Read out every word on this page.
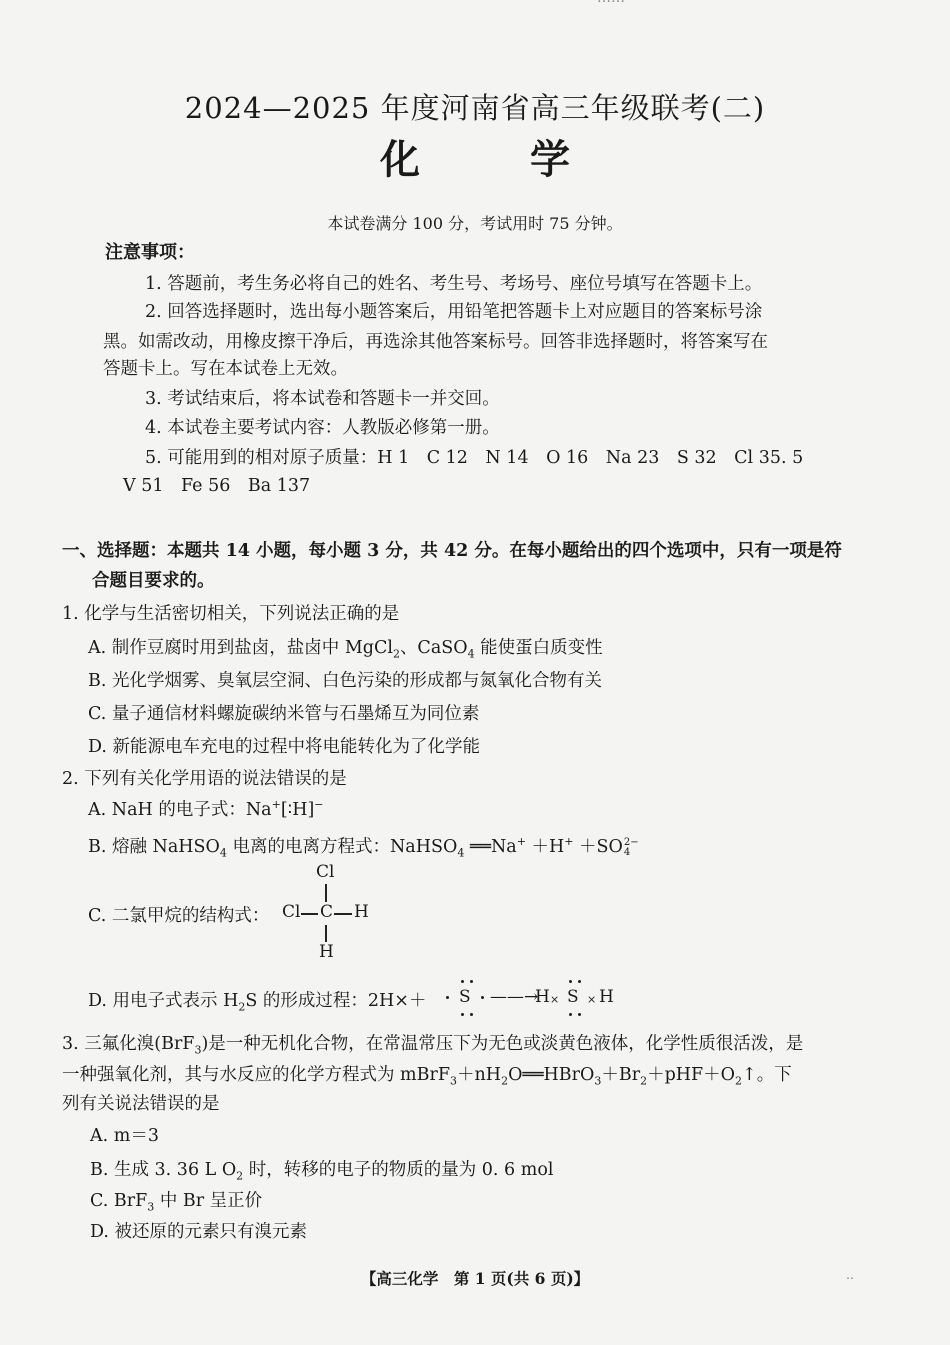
2024—2025 年度河南省高三年级联考(二)
化学
本试卷满分 100 分，考试用时 75 分钟。
注意事项：
1. 答题前，考生务必将自己的姓名、考生号、考场号、座位号填写在答题卡上。
2. 回答选择题时，选出每小题答案后，用铅笔把答题卡上对应题目的答案标号涂
黑。如需改动，用橡皮擦干净后，再选涂其他答案标号。回答非选择题时，将答案写在
答题卡上。写在本试卷上无效。
3. 考试结束后，将本试卷和答题卡一并交回。
4. 本试卷主要考试内容：人教版必修第一册。
5. 可能用到的相对原子质量：H 1　C 12　N 14　O 16　Na 23　S 32　Cl 35. 5
V 51　Fe 56　Ba 137
一、选择题：本题共 14 小题，每小题 3 分，共 42 分。在每小题给出的四个选项中，只有一项是符
合题目要求的。
1. 化学与生活密切相关，下列说法正确的是
A. 制作豆腐时用到盐卤，盐卤中 MgCl$_2$、CaSO$_4$ 能使蛋白质变性
B. 光化学烟雾、臭氧层空洞、白色污染的形成都与氮氧化合物有关
C. 量子通信材料螺旋碳纳米管与石墨烯互为同位素
D. 新能源电车充电的过程中将电能转化为了化学能
2. 下列有关化学用语的说法错误的是
A. NaH 的电子式：Na+[∶H]−
B. 熔融 NaHSO$_4$ 电离的电离方程式：NaHSO$_4$ ══Na+ ＋H+ ＋SO 2−
4
C. 二氯甲烷的结构式：
Cl
Cl C H
H
D. 用电子式表示 $H_2S$ 的形成过程：2H×＋ S ——→
H × S × H
3. 三氟化溴(BrF$_3$)是一种无机化合物，在常温常压下为无色或淡黄色液体，化学性质很活泼，是
一种强氧化剂，其与水反应的化学方程式为 $mBrF_3+nH_2O══HBrO_3+Br_2+pHF+O_2↑$。下
列有关说法错误的是
A. m＝3
B. 生成 3. 36 L $O_2$ 时，转移的电子的物质的量为 0. 6 mol
C. BrF$_3$ 中 Br 呈正价
D. 被还原的元素只有溴元素
【高三化学　第 1 页(共 6 页)】	‥
